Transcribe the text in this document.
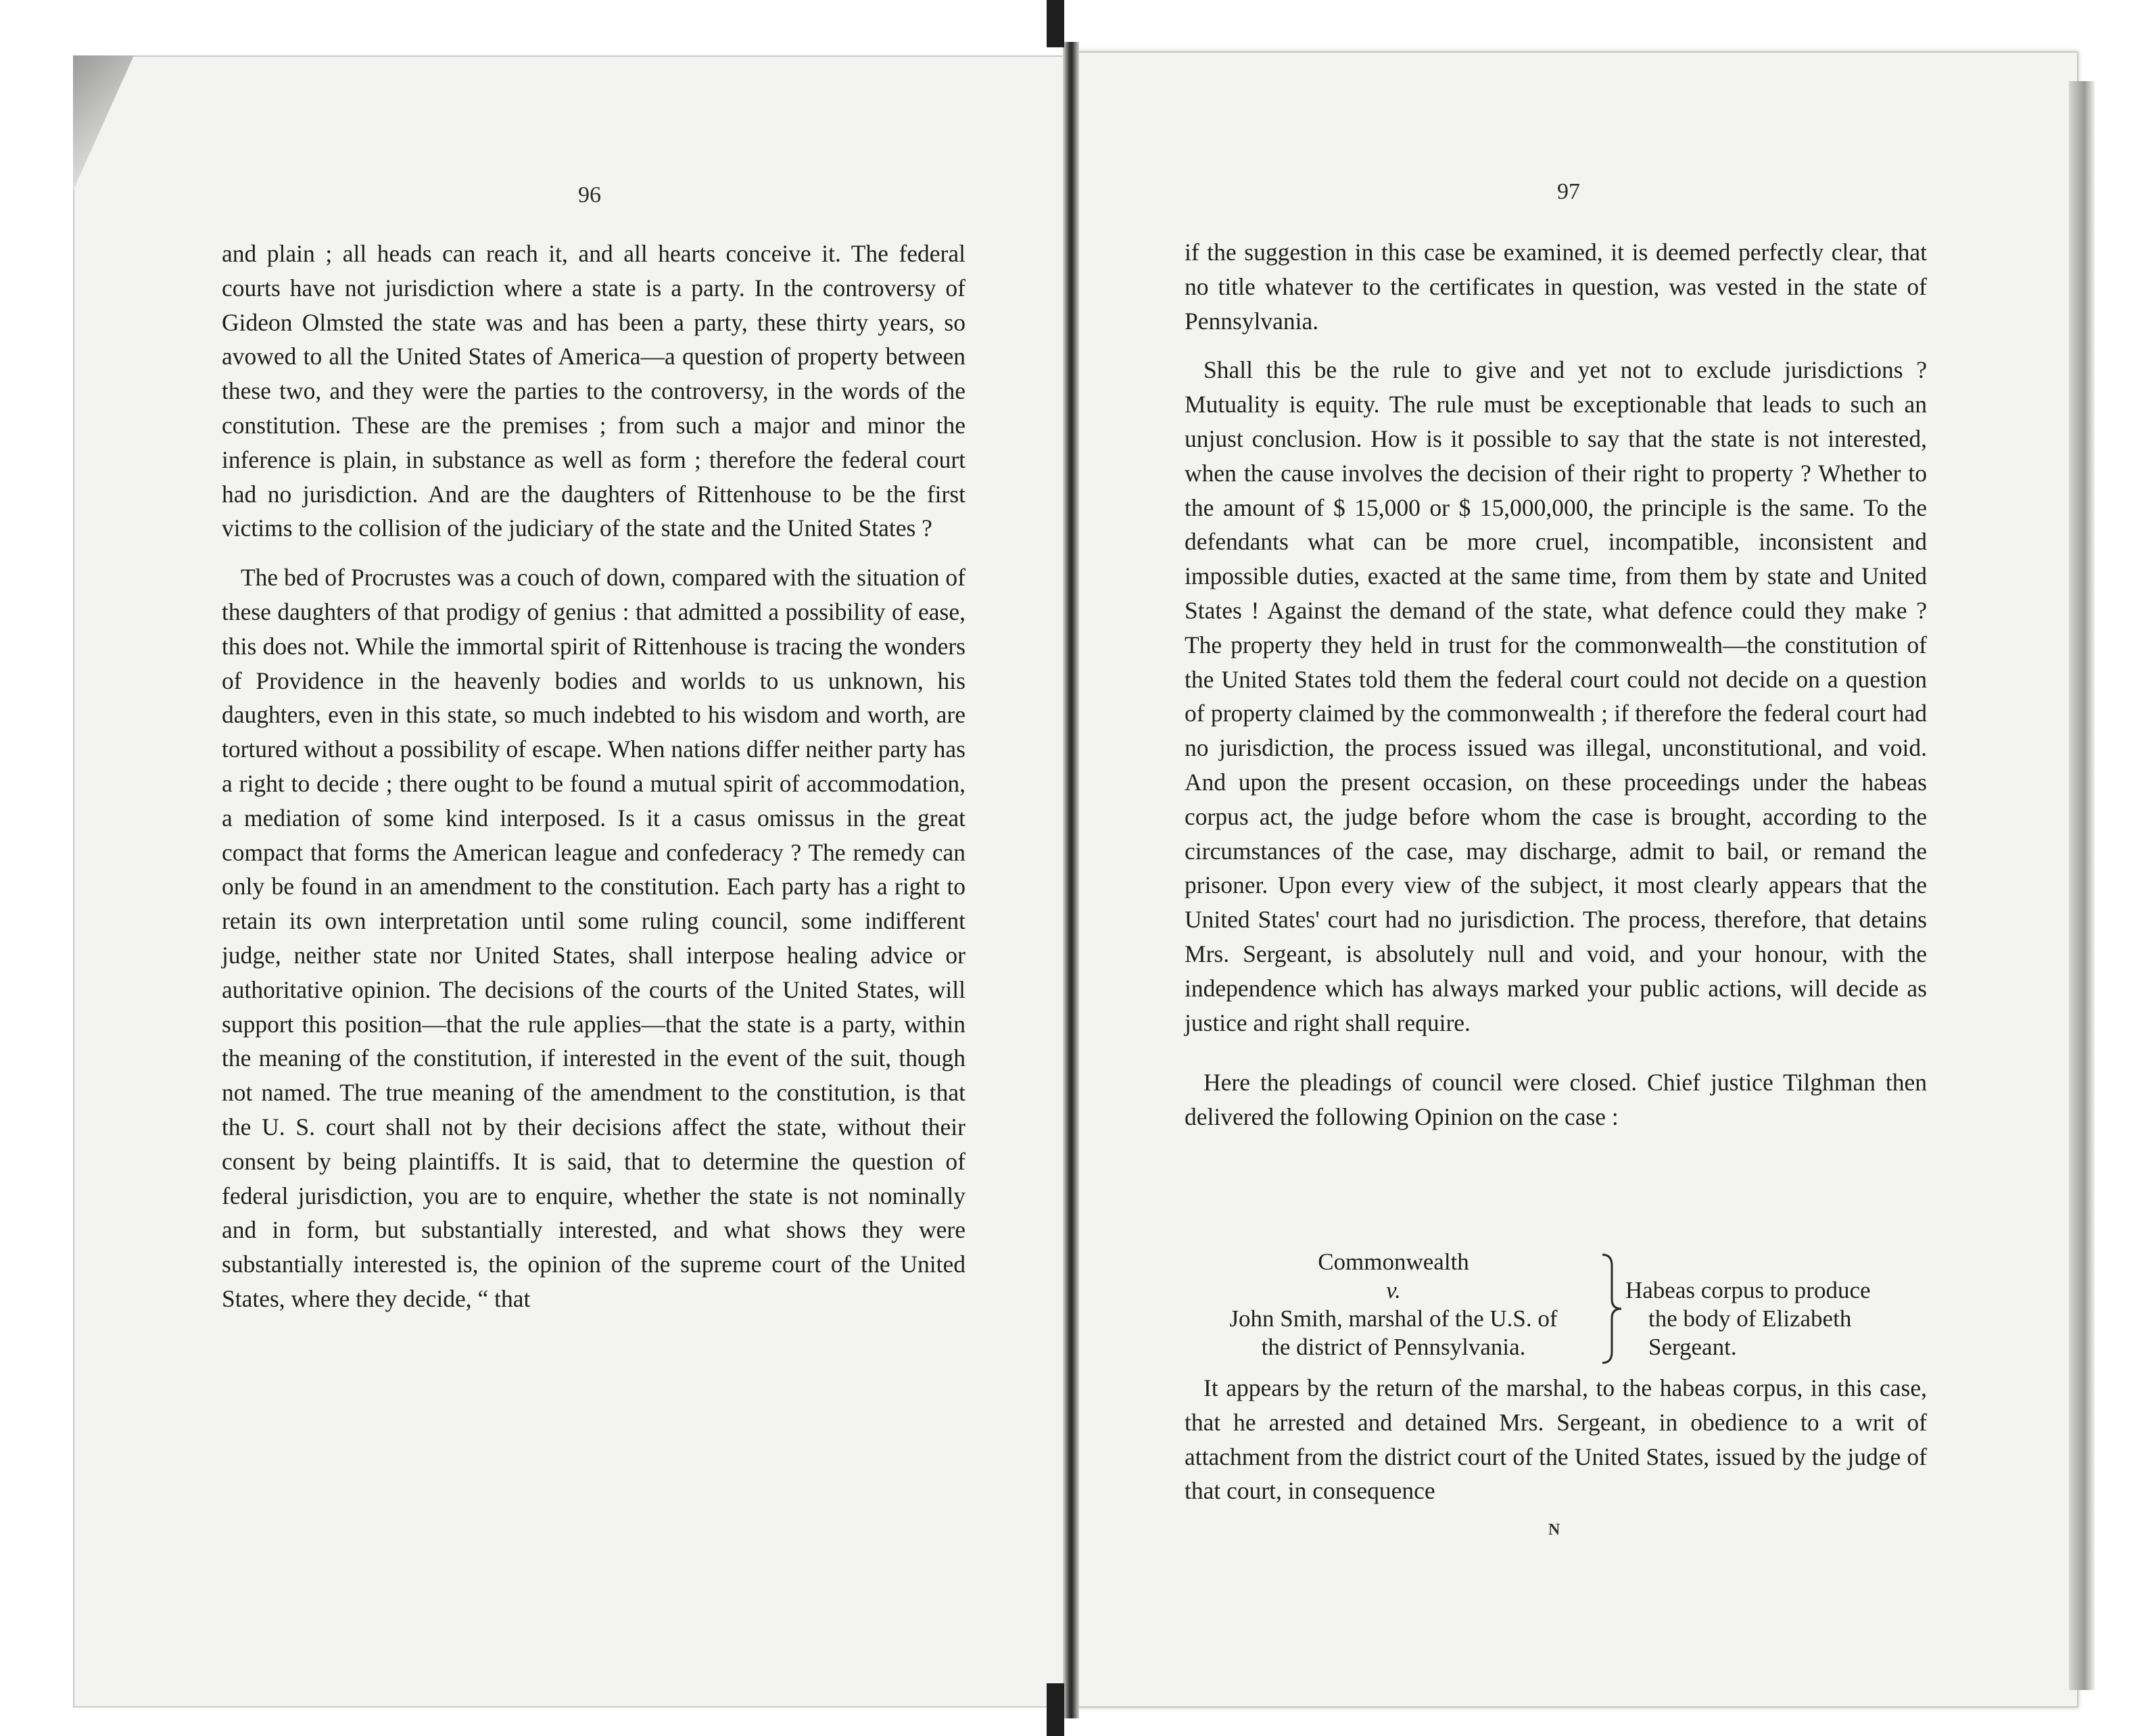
96

and plain ; all heads can reach it, and all hearts conceive it. The federal courts have not jurisdiction where a state is a party. In the controversy of Gideon Olmsted the state was and has been a party, these thirty years, so avowed to all the United States of America—a question of property between these two, and they were the parties to the controversy, in the words of the constitution. These are the premises ; from such a major and minor the inference is plain, in substance as well as form ; therefore the federal court had no jurisdiction. And are the daughters of Rittenhouse to be the first victims to the collision of the judiciary of the state and the United States ?

The bed of Procrustes was a couch of down, compared with the situation of these daughters of that prodigy of genius : that admitted a possibility of ease, this does not. While the immortal spirit of Rittenhouse is tracing the wonders of Providence in the heavenly bodies and worlds to us unknown, his daughters, even in this state, so much indebted to his wisdom and worth, are tortured without a possibility of escape. When nations differ neither party has a right to decide ; there ought to be found a mutual spirit of accommodation, a mediation of some kind interposed. Is it a casus omissus in the great compact that forms the American league and confederacy ? The remedy can only be found in an amendment to the constitution. Each party has a right to retain its own interpretation until some ruling council, some indifferent judge, neither state nor United States, shall interpose healing advice or authoritative opinion. The decisions of the courts of the United States, will support this position—that the rule applies—that the state is a party, within the meaning of the constitution, if interested in the event of the suit, though not named. The true meaning of the amendment to the constitution, is that the U. S. court shall not by their decisions affect the state, without their consent by being plaintiffs. It is said, that to determine the question of federal jurisdiction, you are to enquire, whether the state is not nominally and in form, but substantially interested, and what shows they were substantially interested is, the opinion of the supreme court of the United States, where they decide, “ that

97

if the suggestion in this case be examined, it is deemed perfectly clear, that no title whatever to the certificates in question, was vested in the state of Pennsylvania.

Shall this be the rule to give and yet not to exclude jurisdictions ? Mutuality is equity. The rule must be exceptionable that leads to such an unjust conclusion. How is it possible to say that the state is not interested, when the cause involves the decision of their right to property ? Whether to the amount of $ 15,000 or $ 15,000,000, the principle is the same. To the defendants what can be more cruel, incompatible, inconsistent and impossible duties, exacted at the same time, from them by state and United States ! Against the demand of the state, what defence could they make ? The property they held in trust for the commonwealth—the constitution of the United States told them the federal court could not decide on a question of property claimed by the commonwealth ; if therefore the federal court had no jurisdiction, the process issued was illegal, unconstitutional, and void. And upon the present occasion, on these proceedings under the habeas corpus act, the judge before whom the case is brought, according to the circumstances of the case, may discharge, admit to bail, or remand the prisoner. Upon every view of the subject, it most clearly appears that the United States' court had no jurisdiction. The process, therefore, that detains Mrs. Sergeant, is absolutely null and void, and your honour, with the independence which has always marked your public actions, will decide as justice and right shall require.

Here the pleadings of council were closed. Chief justice Tilghman then delivered the following Opinion on the case :

Commonwealth
v.
John Smith, marshal of the U.S. of
the district of Pennsylvania.
Habeas corpus to produce
the body of Elizabeth
Sergeant.

It appears by the return of the marshal, to the habeas corpus, in this case, that he arrested and detained Mrs. Sergeant, in obedience to a writ of attachment from the district court of the United States, issued by the judge of that court, in consequence

N
